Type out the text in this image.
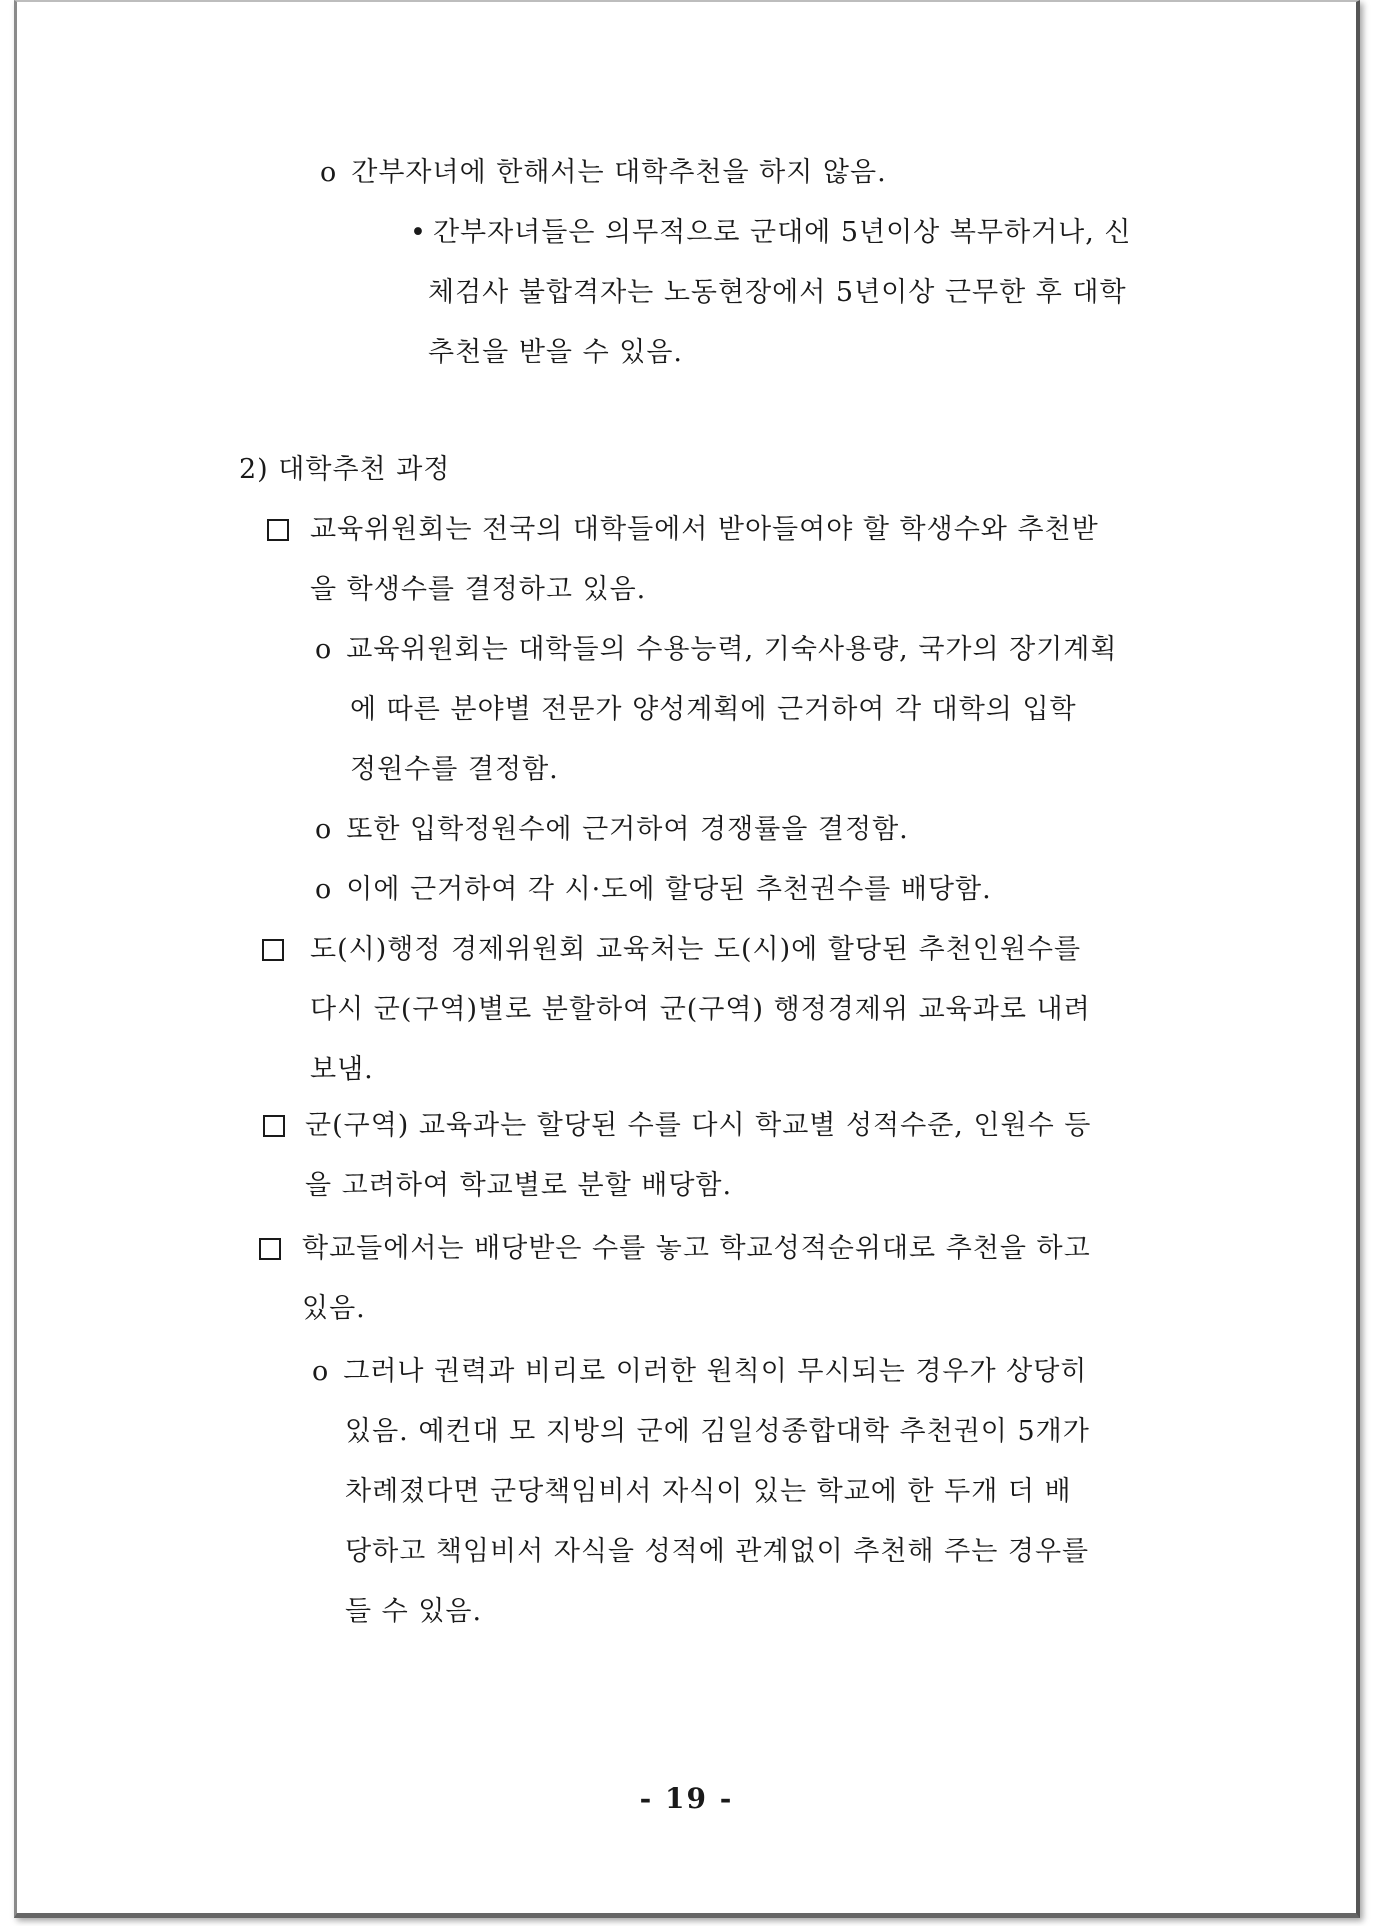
o 간부자녀에 한해서는 대학추천을 하지 않음.
• 간부자녀들은 의무적으로 군대에 5년이상 복무하거나, 신
체검사 불합격자는 노동현장에서 5년이상 근무한 후 대학
추천을 받을 수 있음.
2) 대학추천 과정
교육위원회는 전국의 대학들에서 받아들여야 할 학생수와 추천받
을 학생수를 결정하고 있음.
o 교육위원회는 대학들의 수용능력, 기숙사용량, 국가의 장기계획
에 따른 분야별 전문가 양성계획에 근거하여 각 대학의 입학
정원수를 결정함.
o 또한 입학정원수에 근거하여 경쟁률을 결정함.
o 이에 근거하여 각 시·도에 할당된 추천권수를 배당함.
도(시)행정 경제위원회 교육처는 도(시)에 할당된 추천인원수를
다시 군(구역)별로 분할하여 군(구역) 행정경제위 교육과로 내려
보냄.
군(구역) 교육과는 할당된 수를 다시 학교별 성적수준, 인원수 등
을 고려하여 학교별로 분할 배당함.
학교들에서는 배당받은 수를 놓고 학교성적순위대로 추천을 하고
있음.
o 그러나 권력과 비리로 이러한 원칙이 무시되는 경우가 상당히
있음. 예컨대 모 지방의 군에 김일성종합대학 추천권이 5개가
차례졌다면 군당책임비서 자식이 있는 학교에 한 두개 더 배
당하고 책임비서 자식을 성적에 관계없이 추천해 주는 경우를
들 수 있음.
- 19 -
